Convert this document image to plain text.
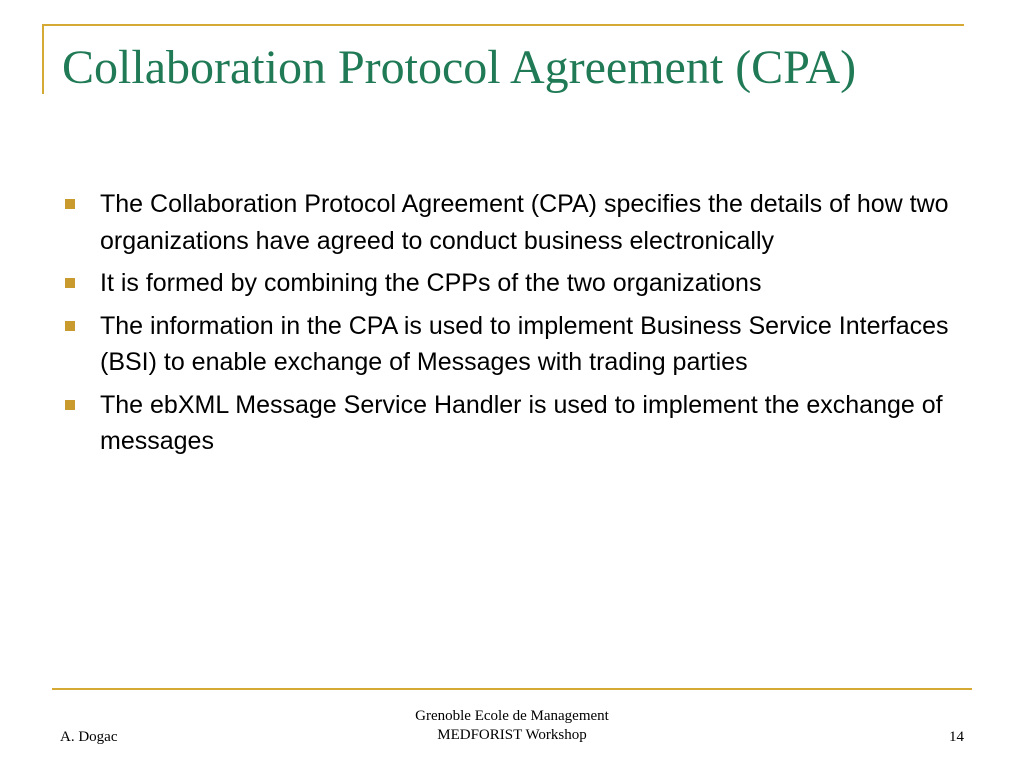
Collaboration Protocol Agreement (CPA)
The Collaboration Protocol Agreement (CPA) specifies the details of how two organizations have agreed to conduct business electronically
It is formed by combining the CPPs of the two organizations
The information in the CPA is used to implement Business Service Interfaces (BSI) to enable exchange of Messages with trading parties
The ebXML Message Service Handler is used to implement the exchange of messages
A. Dogac
Grenoble Ecole de Management
MEDFORIST Workshop	14
